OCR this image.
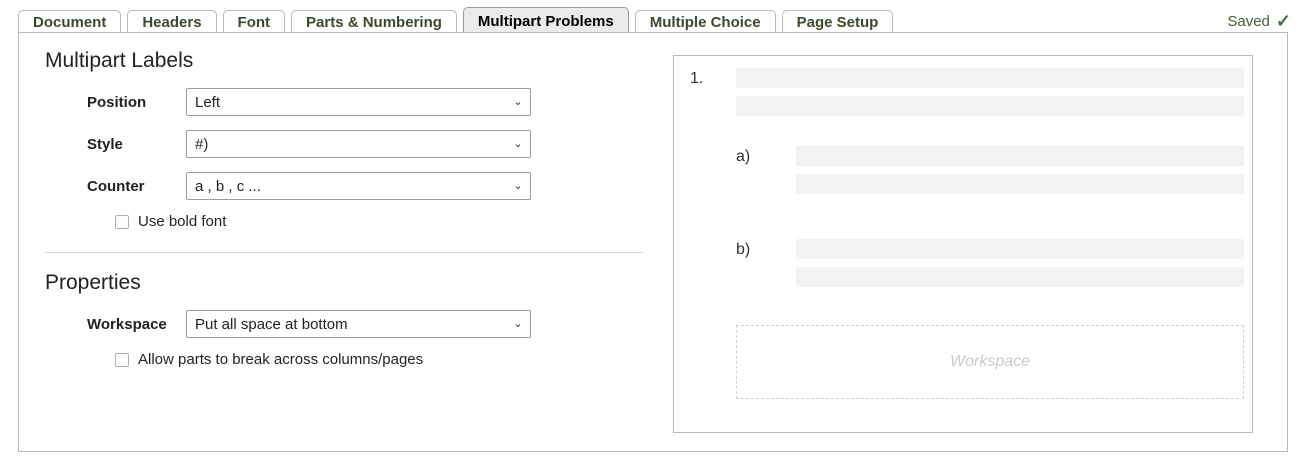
Document	Headers	Font	Parts & Numbering	Multipart Problems	Multiple Choice	Page Setup	Saved ✓
Multipart Labels
Position	Left	⌄
Style	#)	⌄
Counter	a , b , c ...	⌄
Use bold font
Properties
Workspace	Put all space at bottom	⌄
Allow parts to break across columns/pages
1.
a)
b)
Workspace
